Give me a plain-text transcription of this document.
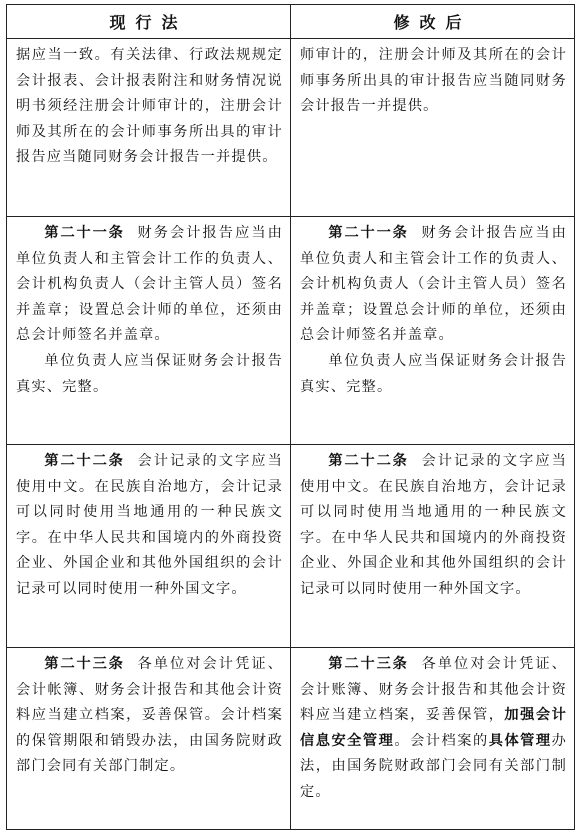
现行法	修改后

据应当一致。有关法律、行政法规规定会计报表、会计报表附注和财务情况说明书须经注册会计师审计的，注册会计师及其所在的会计师事务所出具的审计报告应当随同财务会计报告一并提供。

师审计的，注册会计师及其所在的会计师事务所出具的审计报告应当随同财务会计报告一并提供。

第二十一条 财务会计报告应当由单位负责人和主管会计工作的负责人、会计机构负责人（会计主管人员）签名并盖章；设置总会计师的单位，还须由总会计师签名并盖章。

单位负责人应当保证财务会计报告真实、完整。

第二十一条 财务会计报告应当由单位负责人和主管会计工作的负责人、会计机构负责人（会计主管人员）签名并盖章；设置总会计师的单位，还须由总会计师签名并盖章。

单位负责人应当保证财务会计报告真实、完整。

第二十二条 会计记录的文字应当使用中文。在民族自治地方，会计记录可以同时使用当地通用的一种民族文字。在中华人民共和国境内的外商投资企业、外国企业和其他外国组织的会计记录可以同时使用一种外国文字。

第二十二条 会计记录的文字应当使用中文。在民族自治地方，会计记录可以同时使用当地通用的一种民族文字。在中华人民共和国境内的外商投资企业、外国企业和其他外国组织的会计记录可以同时使用一种外国文字。

第二十三条 各单位对会计凭证、会计帐簿、财务会计报告和其他会计资料应当建立档案，妥善保管。会计档案的保管期限和销毁办法，由国务院财政部门会同有关部门制定。

第二十三条 各单位对会计凭证、会计账簿、财务会计报告和其他会计资料应当建立档案，妥善保管，加强会计信息安全管理。会计档案的具体管理办法，由国务院财政部门会同有关部门制定。
